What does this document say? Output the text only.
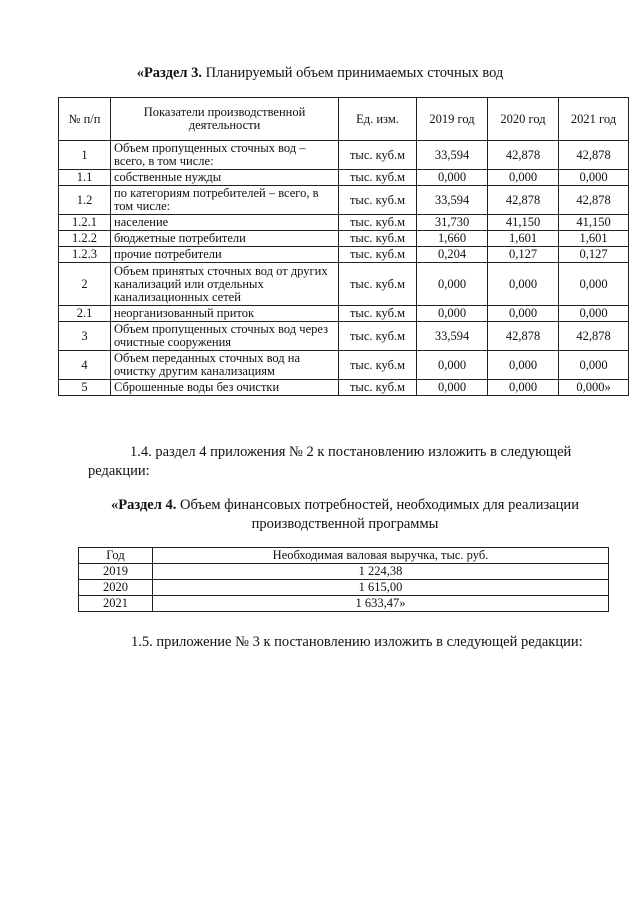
«Раздел 3. Планируемый объем принимаемых сточных вод
№ п/п	Показатели производственной деятельности	Ед. изм.	2019 год	2020 год	2021 год
1	Объем пропущенных сточных вод – всего, в том числе:	тыс. куб.м	33,594	42,878	42,878
1.1	собственные нужды	тыс. куб.м	0,000	0,000	0,000
1.2	по категориям потребителей – всего, в том числе:	тыс. куб.м	33,594	42,878	42,878
1.2.1	население	тыс. куб.м	31,730	41,150	41,150
1.2.2	бюджетные потребители	тыс. куб.м	1,660	1,601	1,601
1.2.3	прочие потребители	тыс. куб.м	0,204	0,127	0,127
2	Объем принятых сточных вод от других канализаций или отдельных канализационных сетей	тыс. куб.м	0,000	0,000	0,000
2.1	неорганизованный приток	тыс. куб.м	0,000	0,000	0,000
3	Объем пропущенных сточных вод через очистные сооружения	тыс. куб.м	33,594	42,878	42,878
4	Объем переданных сточных вод на очистку другим канализациям	тыс. куб.м	0,000	0,000	0,000
5	Сброшенные воды без очистки	тыс. куб.м	0,000	0,000	0,000»
1.4. раздел 4 приложения № 2 к постановлению изложить в следующей редакции:
«Раздел 4. Объем финансовых потребностей, необходимых для реализации производственной программы
Год	Необходимая валовая выручка, тыс. руб.
2019	1 224,38
2020	1 615,00
2021	1 633,47»
1.5. приложение № 3 к постановлению изложить в следующей редакции:
